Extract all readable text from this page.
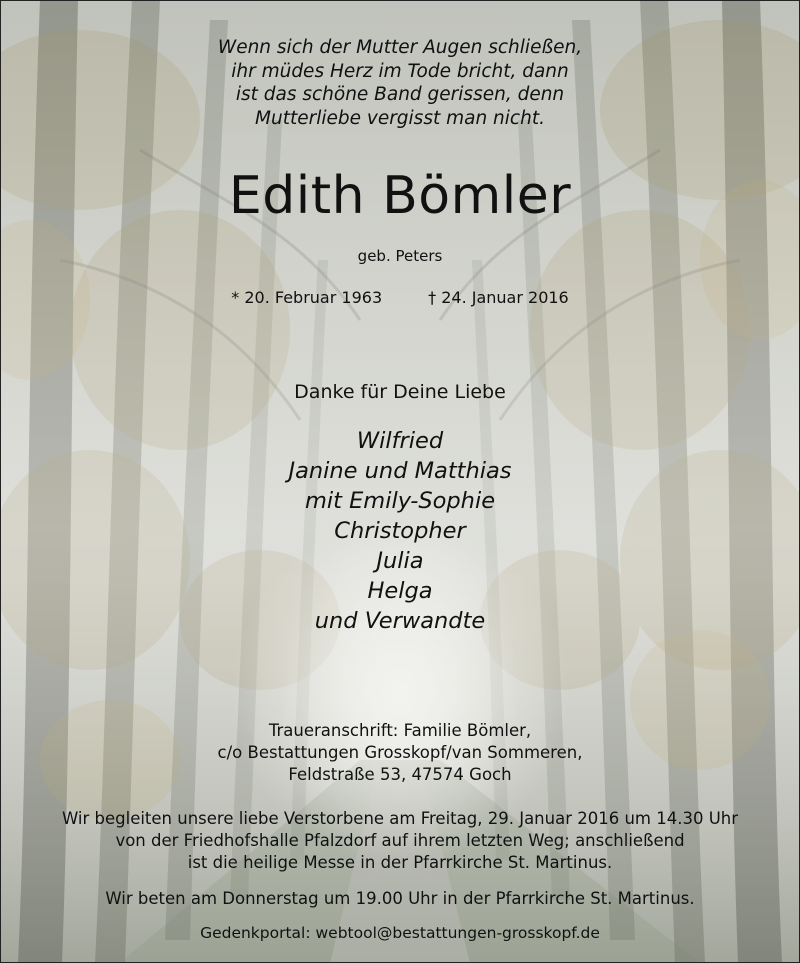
Wenn sich der Mutter Augen schließen,
ihr müdes Herz im Tode bricht, dann
ist das schöne Band gerissen, denn
Mutterliebe vergisst man nicht.
Edith Bömler
geb. Peters
* 20. Februar 1963	† 24. Januar 2016
Danke für Deine Liebe
Wilfried
Janine und Matthias
mit Emily-Sophie
Christopher
Julia
Helga
und Verwandte
Traueranschrift: Familie Bömler,
c/o Bestattungen Grosskopf/van Sommeren,
Feldstraße 53, 47574 Goch
Wir begleiten unsere liebe Verstorbene am Freitag, 29. Januar 2016 um 14.30 Uhr
von der Friedhofshalle Pfalzdorf auf ihrem letzten Weg; anschließend
ist die heilige Messe in der Pfarrkirche St. Martinus.
Wir beten am Donnerstag um 19.00 Uhr in der Pfarrkirche St. Martinus.
Gedenkportal: webtool@bestattungen-grosskopf.de
